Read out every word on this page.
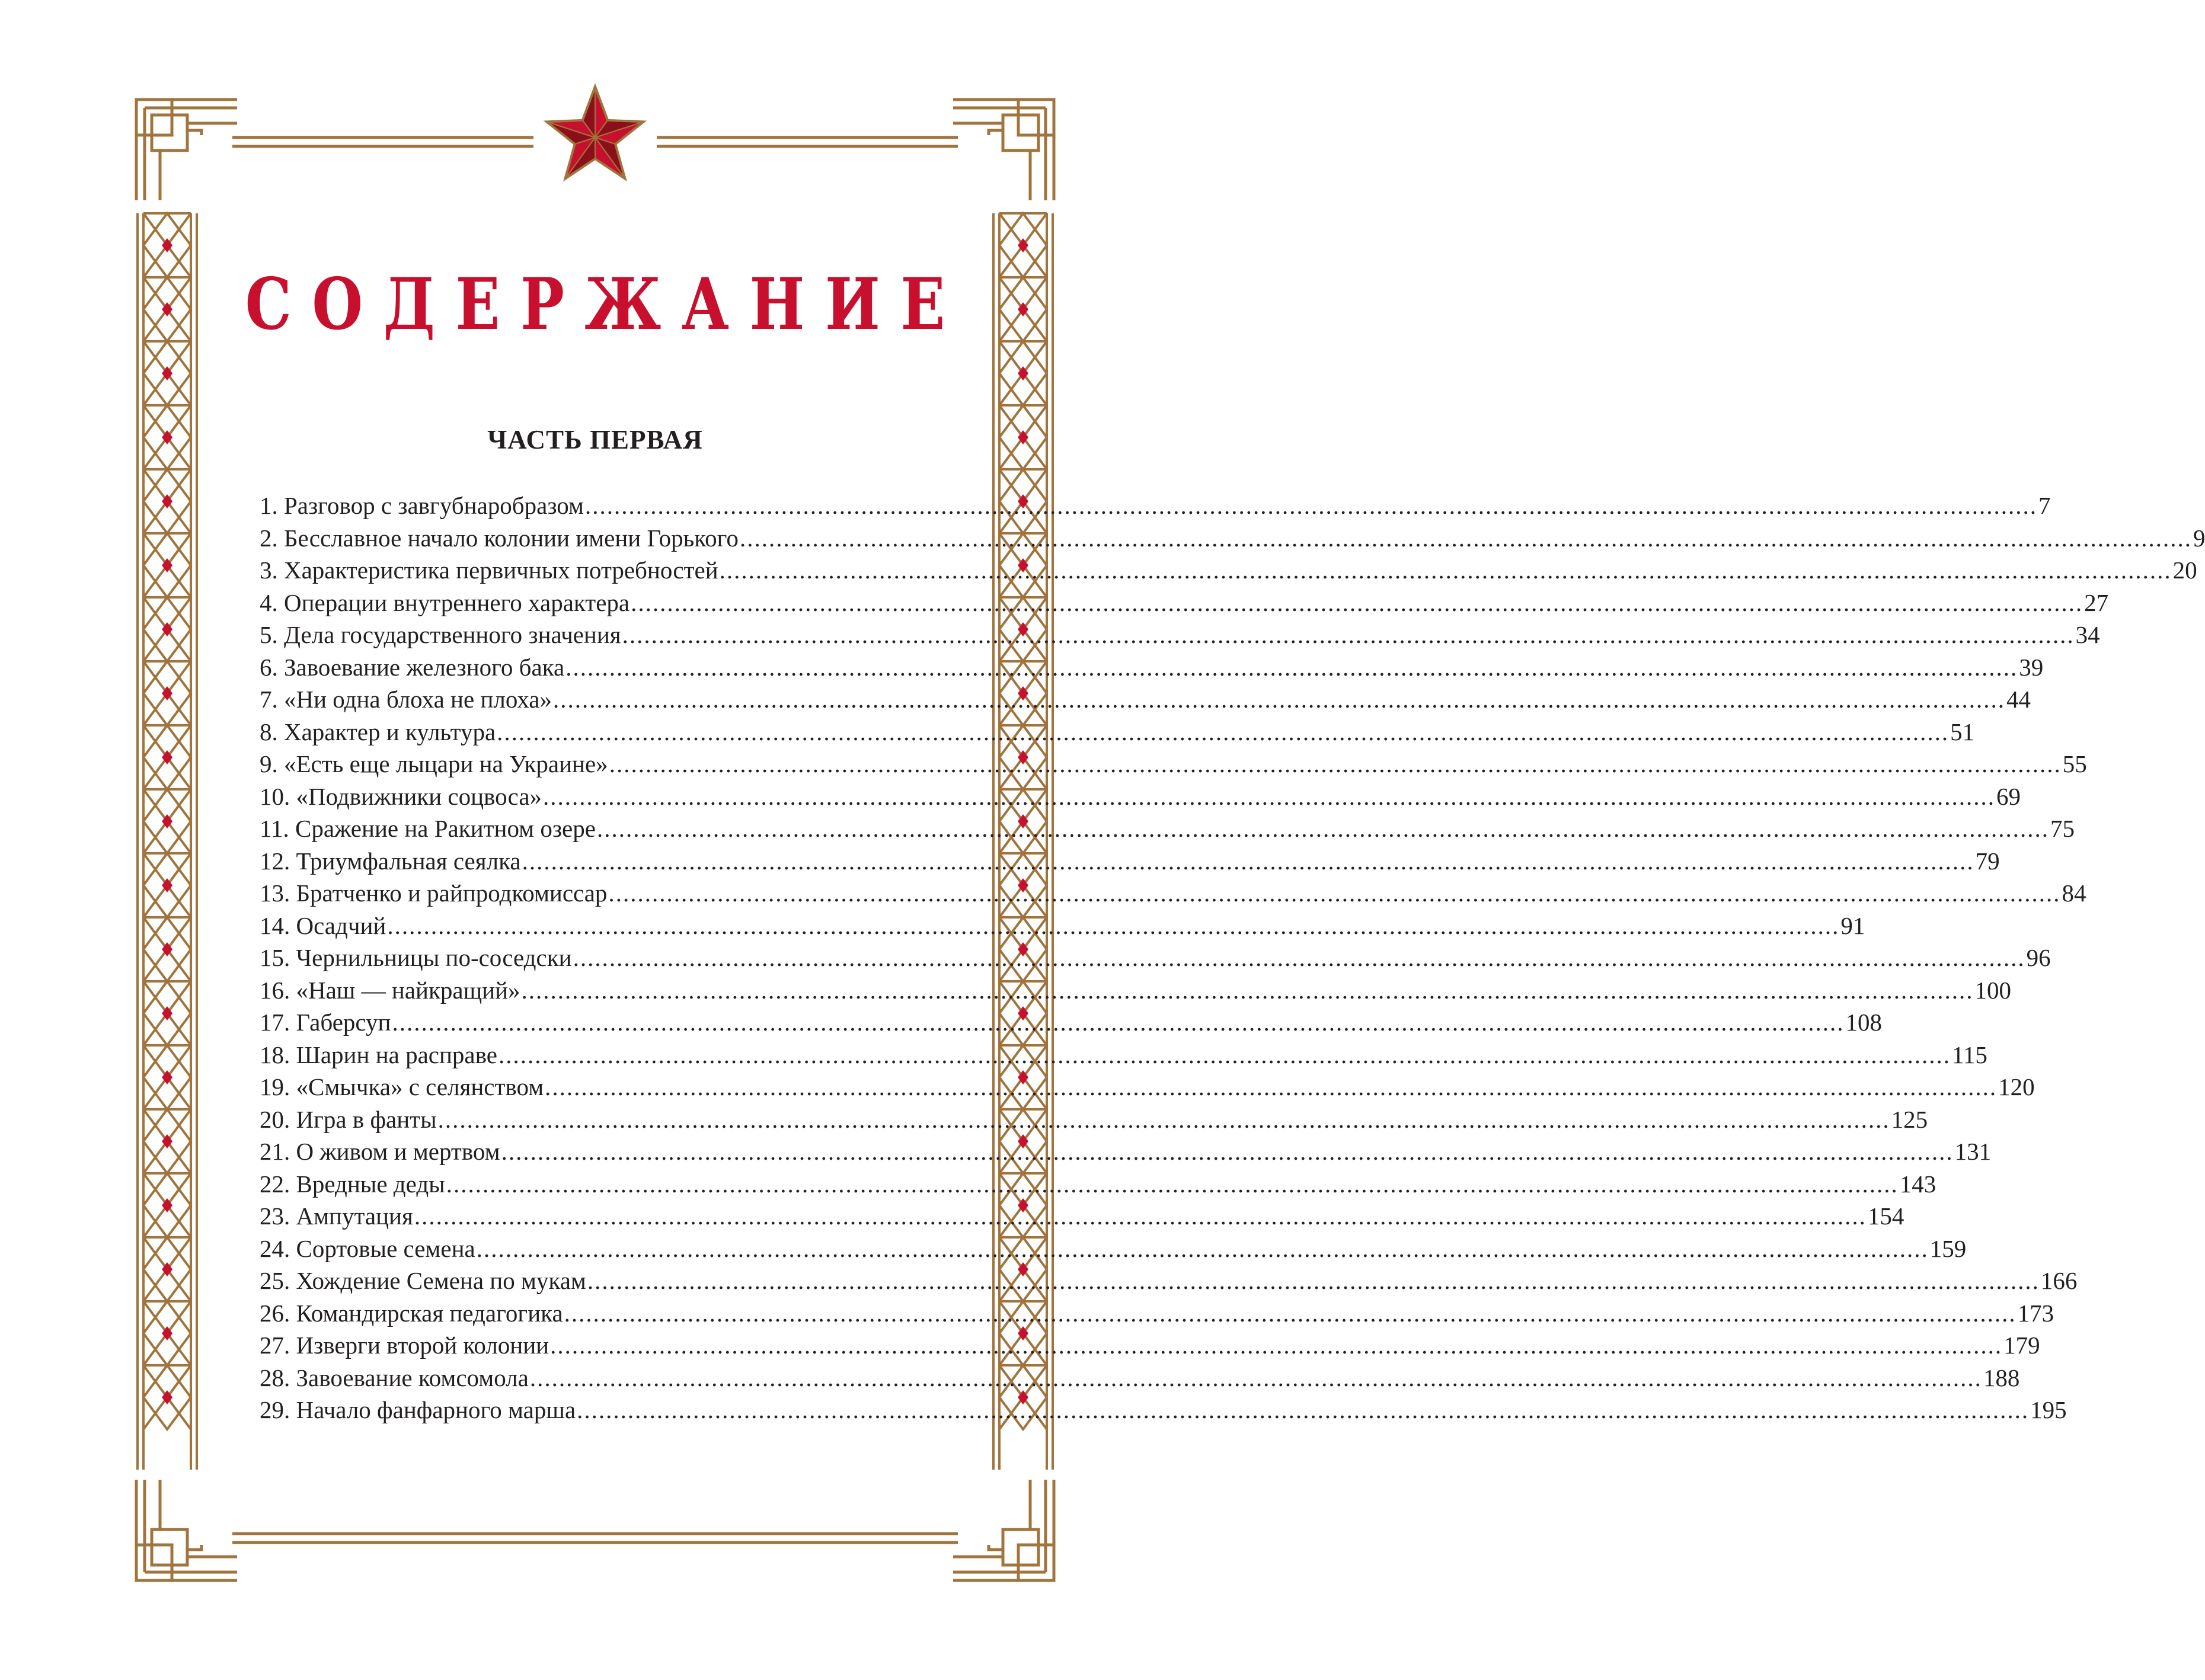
СОДЕРЖАНИЕ
ЧАСТЬ ПЕРВАЯ
1. Разговор с завгубнаробразом ........................................................................................................................................................................................................ 7
2. Бесславное начало колонии имени Горького ........................................................................................................................................................................................................ 9
3. Характеристика первичных потребностей ........................................................................................................................................................................................................ 20
4. Операции внутреннего характера ........................................................................................................................................................................................................ 27
5. Дела государственного значения ........................................................................................................................................................................................................ 34
6. Завоевание железного бака ........................................................................................................................................................................................................ 39
7. «Ни одна блоха не плоха» ........................................................................................................................................................................................................ 44
8. Характер и культура ........................................................................................................................................................................................................ 51
9. «Есть еще лыцари на Украине» ........................................................................................................................................................................................................ 55
10. «Подвижники соцвоса» ........................................................................................................................................................................................................ 69
11. Сражение на Ракитном озере ........................................................................................................................................................................................................ 75
12. Триумфальная сеялка ........................................................................................................................................................................................................ 79
13. Братченко и райпродкомиссар ........................................................................................................................................................................................................ 84
14. Осадчий ........................................................................................................................................................................................................ 91
15. Чернильницы по-соседски ........................................................................................................................................................................................................ 96
16. «Наш — найкращий» ........................................................................................................................................................................................................ 100
17. Габерсуп ........................................................................................................................................................................................................ 108
18. Шарин на расправе ........................................................................................................................................................................................................ 115
19. «Смычка» с селянством ........................................................................................................................................................................................................ 120
20. Игра в фанты ........................................................................................................................................................................................................ 125
21. О живом и мертвом ........................................................................................................................................................................................................ 131
22. Вредные деды ........................................................................................................................................................................................................ 143
23. Ампутация ........................................................................................................................................................................................................ 154
24. Сортовые семена ........................................................................................................................................................................................................ 159
25. Хождение Семена по мукам ........................................................................................................................................................................................................ 166
26. Командирская педагогика ........................................................................................................................................................................................................ 173
27. Изверги второй колонии ........................................................................................................................................................................................................ 179
28. Завоевание комсомола ........................................................................................................................................................................................................ 188
29. Начало фанфарного марша ........................................................................................................................................................................................................ 195
